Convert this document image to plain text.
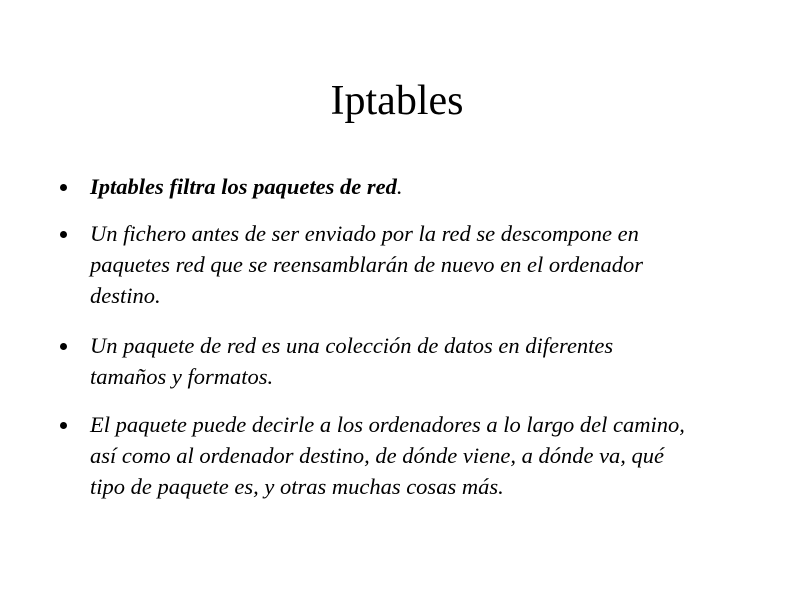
Iptables
Iptables filtra los paquetes de red.
Un fichero antes de ser enviado por la red se descompone en
paquetes red que se reensamblarán de nuevo en el ordenador
destino.
Un paquete de red es una colección de datos en diferentes
tamaños y formatos.
El paquete puede decirle a los ordenadores a lo largo del camino,
así como al ordenador destino, de dónde viene, a dónde va, qué
tipo de paquete es, y otras muchas cosas más.
